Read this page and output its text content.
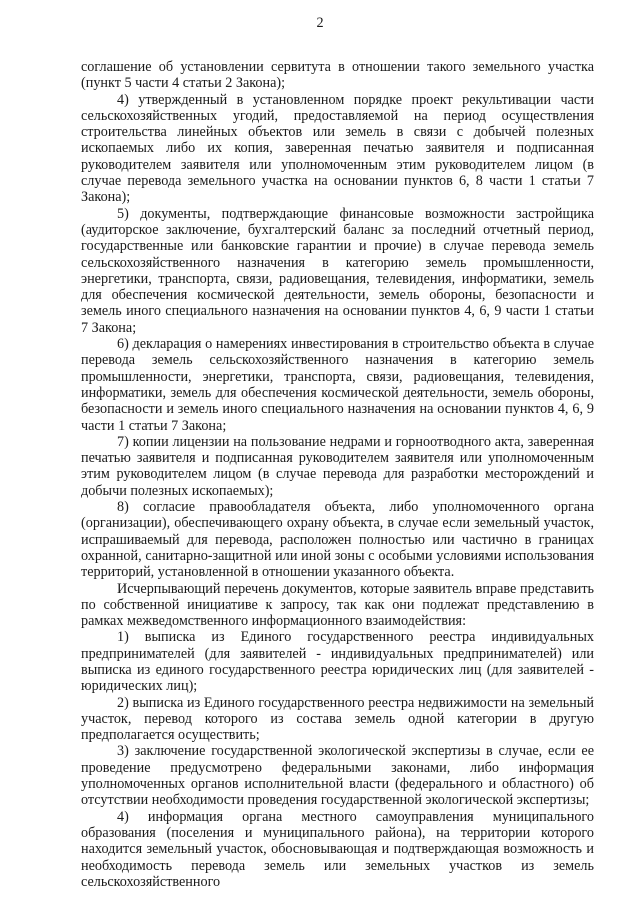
2

соглашение об установлении сервитута в отношении такого земельного участка (пункт 5 части 4 статьи 2 Закона);

4) утвержденный в установленном порядке проект рекультивации части сельскохозяйственных угодий, предоставляемой на период осуществления строительства линейных объектов или земель в связи с добычей полезных ископаемых либо их копия, заверенная печатью заявителя и подписанная руководителем заявителя или уполномоченным этим руководителем лицом (в случае перевода земельного участка на основании пунктов 6, 8 части 1 статьи 7 Закона);

5) документы, подтверждающие финансовые возможности застройщика (аудиторское заключение, бухгалтерский баланс за последний отчетный период, государственные или банковские гарантии и прочие) в случае перевода земель сельскохозяйственного назначения в категорию земель промышленности, энергетики, транспорта, связи, радиовещания, телевидения, информатики, земель для обеспечения космической деятельности, земель обороны, безопасности и земель иного специального назначения на основании пунктов 4, 6, 9 части 1 статьи 7 Закона;

6) декларация о намерениях инвестирования в строительство объекта в случае перевода земель сельскохозяйственного назначения в категорию земель промышленности, энергетики, транспорта, связи, радиовещания, телевидения, информатики, земель для обеспечения космической деятельности, земель обороны, безопасности и земель иного специального назначения на основании пунктов 4, 6, 9 части 1 статьи 7 Закона;

7) копии лицензии на пользование недрами и горноотводного акта, заверенная печатью заявителя и подписанная руководителем заявителя или уполномоченным этим руководителем лицом (в случае перевода для разработки месторождений и добычи полезных ископаемых);

8) согласие правообладателя объекта, либо уполномоченного органа (организации), обеспечивающего охрану объекта, в случае если земельный участок, испрашиваемый для перевода, расположен полностью или частично в границах охранной, санитарно-защитной или иной зоны с особыми условиями использования территорий, установленной в отношении указанного объекта.

Исчерпывающий перечень документов, которые заявитель вправе представить по собственной инициативе к запросу, так как они подлежат представлению в рамках межведомственного информационного взаимодействия:

1) выписка из Единого государственного реестра индивидуальных предпринимателей (для заявителей - индивидуальных предпринимателей) или выписка из единого государственного реестра юридических лиц (для заявителей - юридических лиц);

2) выписка из Единого государственного реестра недвижимости на земельный участок, перевод которого из состава земель одной категории в другую предполагается осуществить;

3) заключение государственной экологической экспертизы в случае, если ее проведение предусмотрено федеральными законами, либо информация уполномоченных органов исполнительной власти (федерального и областного) об отсутствии необходимости проведения государственной экологической экспертизы;

4) информация органа местного самоуправления муниципального образования (поселения и муниципального района), на территории которого находится земельный участок, обосновывающая и подтверждающая возможность и необходимость перевода земель или земельных участков из земель сельскохозяйственного
